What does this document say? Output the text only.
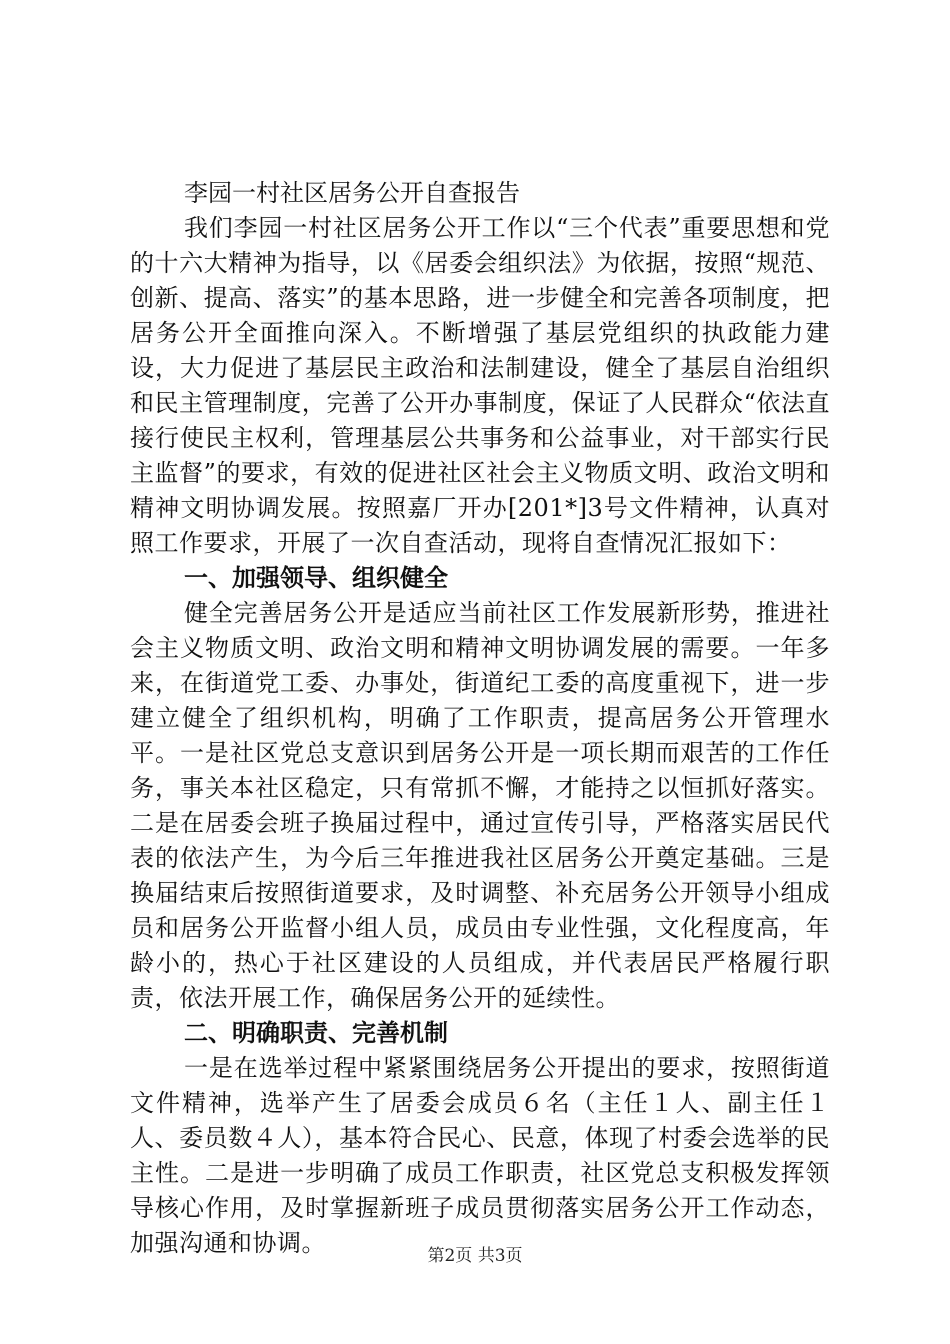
李园一村社区居务公开自查报告

我们李园一村社区居务公开工作以“三个代表”重要思想和党的十六大精神为指导，以《居委会组织法》为依据，按照“规范、创新、提高、落实”的基本思路，进一步健全和完善各项制度，把居务公开全面推向深入。不断增强了基层党组织的执政能力建设，大力促进了基层民主政治和法制建设，健全了基层自治组织和民主管理制度，完善了公开办事制度，保证了人民群众“依法直接行使民主权利，管理基层公共事务和公益事业，对干部实行民主监督”的要求，有效的促进社区社会主义物质文明、政治文明和精神文明协调发展。按照嘉厂开办[201*]3号文件精神，认真对照工作要求，开展了一次自查活动，现将自查情况汇报如下：

一、加强领导、组织健全

健全完善居务公开是适应当前社区工作发展新形势，推进社会主义物质文明、政治文明和精神文明协调发展的需要。一年多来，在街道党工委、办事处，街道纪工委的高度重视下，进一步建立健全了组织机构，明确了工作职责，提高居务公开管理水平。一是社区党总支意识到居务公开是一项长期而艰苦的工作任务，事关本社区稳定，只有常抓不懈，才能持之以恒抓好落实。二是在居委会班子换届过程中，通过宣传引导，严格落实居民代表的依法产生，为今后三年推进我社区居务公开奠定基础。三是换届结束后按照街道要求，及时调整、补充居务公开领导小组成员和居务公开监督小组人员，成员由专业性强，文化程度高，年龄小的，热心于社区建设的人员组成，并代表居民严格履行职责，依法开展工作，确保居务公开的延续性。

二、明确职责、完善机制

一是在选举过程中紧紧围绕居务公开提出的要求，按照街道文件精神，选举产生了居委会成员６名（主任１人、副主任１人、委员数４人），基本符合民心、民意，体现了村委会选举的民主性。二是进一步明确了成员工作职责，社区党总支积极发挥领导核心作用，及时掌握新班子成员贯彻落实居务公开工作动态，加强沟通和协调。	第2页 共3页
